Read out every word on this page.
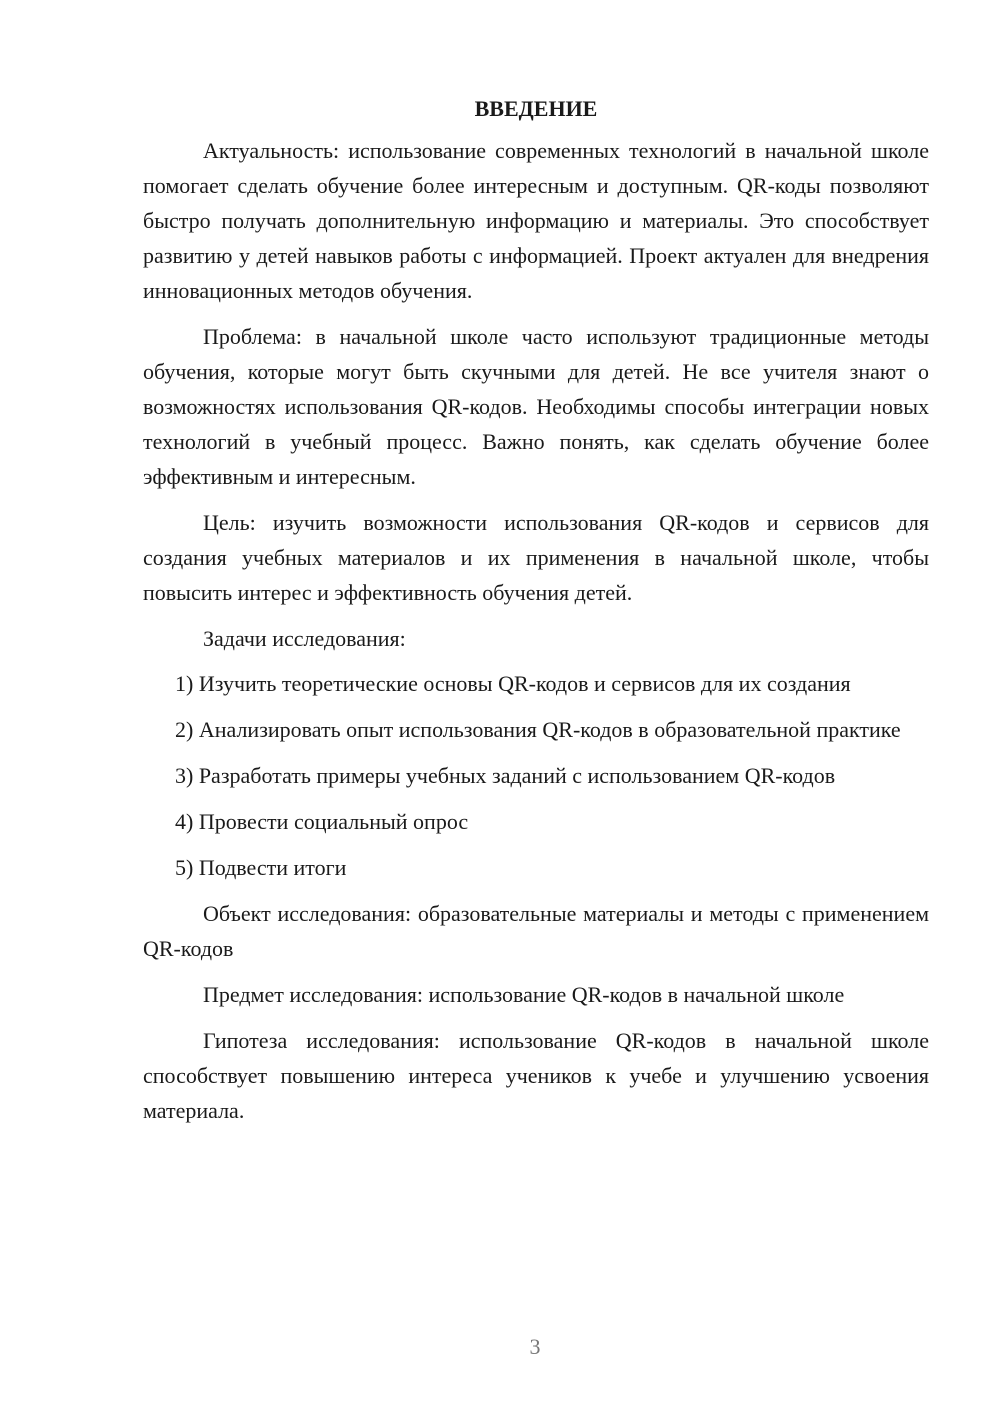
ВВЕДЕНИЕ

Актуальность: использование современных технологий в начальной школе помогает сделать обучение более интересным и доступным. QR-коды позволяют быстро получать дополнительную информацию и материалы. Это способствует развитию у детей навыков работы с информацией. Проект актуален для внедрения инновационных методов обучения.

Проблема: в начальной школе часто используют традиционные методы обучения, которые могут быть скучными для детей. Не все учителя знают о возможностях использования QR-кодов. Необходимы способы интеграции новых технологий в учебный процесс. Важно понять, как сделать обучение более эффективным и интересным.

Цель: изучить возможности использования QR-кодов и сервисов для создания учебных материалов и их применения в начальной школе, чтобы повысить интерес и эффективность обучения детей.

Задачи исследования:

1) Изучить теоретические основы QR-кодов и сервисов для их создания

2) Анализировать опыт использования QR-кодов в образовательной практике

3) Разработать примеры учебных заданий с использованием QR-кодов

4) Провести социальный опрос

5) Подвести итоги

Объект исследования: образовательные материалы и методы с применением QR-кодов

Предмет исследования: использование QR-кодов в начальной школе

Гипотеза исследования: использование QR-кодов в начальной школе способствует повышению интереса учеников к учебе и улучшению усвоения материала.

3
